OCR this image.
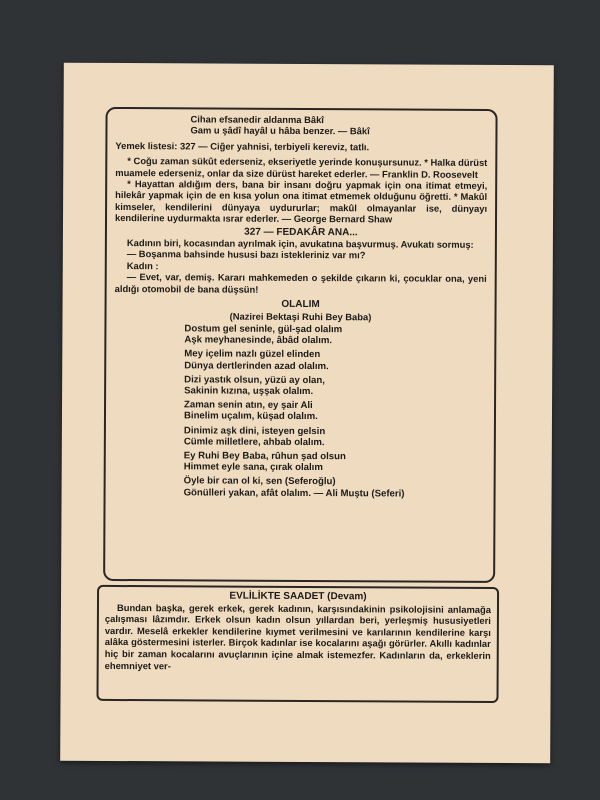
Cihan efsanedir aldanma Bâkî

Gam u şâdî hayâl u hâba benzer. — Bâkî

Yemek listesi: 327 — Ciğer yahnisi, terbiyeli kereviz, tatlı.

* Coğu zaman sükût ederseniz, ekseriyetle yerinde konuşursunuz. * Halka dürüst muamele ederseniz, onlar da size dürüst hareket ederler. — Franklin D. Roosevelt

* Hayattan aldığım ders, bana bir insanı doğru yapmak için ona itimat etmeyi, hilekâr yapmak için de en kısa yolun ona itimat etmemek olduğunu öğretti. * Makûl kimseler, kendilerini dünyaya uydururlar; makûl olmayanlar ise, dünyayı kendilerine uydurmakta ısrar ederler. — George Bernard Shaw

327 — FEDAKÂR ANA...

Kadının biri, kocasından ayrılmak için, avukatına başvurmuş. Avukatı sormuş:

— Boşanma bahsinde hususi bazı istekleriniz var mı?

Kadın :

— Evet, var, demiş. Kararı mahkemeden o şekilde çıkarın ki, çocuklar ona, yeni aldığı otomobil de bana düşsün!

OLALIM

(Nazirei Bektaşi Ruhi Bey Baba)

Dostum gel seninle, gül-şad olalım
Aşk meyhanesinde, âbâd olalım.
Mey içelim nazlı güzel elinden
Dünya dertlerinden azad olalım.
Dizi yastık olsun, yüzü ay olan,
Sakinin kızına, uşşak olalım.
Zaman senin atın, ey şair Ali
Binelim uçalım, küşad olalım.
Dinimiz aşk dini, isteyen gelsin
Cümle milletlere, ahbab olalım.
Ey Ruhi Bey Baba, rûhun şad olsun
Himmet eyle sana, çırak olalım
Öyle bir can ol ki, sen (Seferoğlu)
Gönülleri yakan, afât olalım. — Ali Muştu (Seferi)

EVLİLİKTE SAADET (Devam)

Bundan başka, gerek erkek, gerek kadının, karşısındakinin psikolojisini anlamağa çalışması lâzımdır. Erkek olsun kadın olsun yıllardan beri, yerleşmiş hususiyetleri vardır. Meselâ erkekler kendilerine kıymet verilmesini ve karılarının kendilerine karşı alâka göstermesini isterler. Birçok kadınlar ise kocalarını aşağı görürler. Akıllı kadınlar hiç bir zaman kocalarını avuçlarının içine almak istemezfer. Kadınların da, erkeklerin ehemniyet ver-
